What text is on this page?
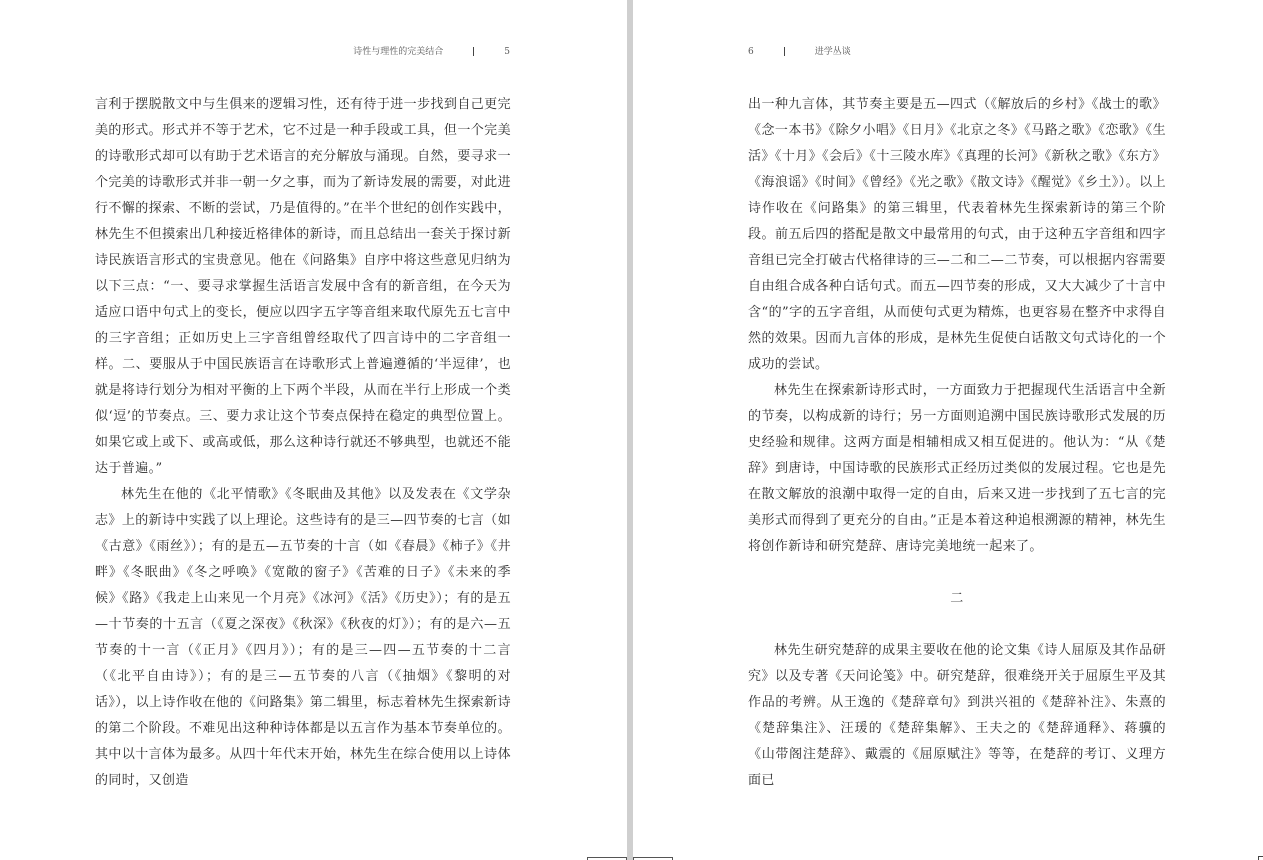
诗性与理性的完美结合	5

言利于摆脱散文中与生俱来的逻辑习性，还有待于进一步找到自己更完美的形式。形式并不等于艺术，它不过是一种手段或工具，但一个完美的诗歌形式却可以有助于艺术语言的充分解放与涌现。自然，要寻求一个完美的诗歌形式并非一朝一夕之事，而为了新诗发展的需要，对此进行不懈的探索、不断的尝试，乃是值得的。”在半个世纪的创作实践中，林先生不但摸索出几种接近格律体的新诗，而且总结出一套关于探讨新诗民族语言形式的宝贵意见。他在《问路集》自序中将这些意见归纳为以下三点：“一、要寻求掌握生活语言发展中含有的新音组，在今天为适应口语中句式上的变长，便应以四字五字等音组来取代原先五七言中的三字音组；正如历史上三字音组曾经取代了四言诗中的二字音组一样。二、要服从于中国民族语言在诗歌形式上普遍遵循的‘半逗律’，也就是将诗行划分为相对平衡的上下两个半段，从而在半行上形成一个类似‘逗’的节奏点。三、要力求让这个节奏点保持在稳定的典型位置上。如果它或上或下、或高或低，那么这种诗行就还不够典型，也就还不能达于普遍。”

林先生在他的《北平情歌》《冬眠曲及其他》以及发表在《文学杂志》上的新诗中实践了以上理论。这些诗有的是三—四节奏的七言（如《古意》《雨丝》）；有的是五—五节奏的十言（如《春晨》《柿子》《井畔》《冬眠曲》《冬之呼唤》《宽敞的窗子》《苦难的日子》《未来的季候》《路》《我走上山来见一个月亮》《冰河》《活》《历史》）；有的是五—十节奏的十五言（《夏之深夜》《秋深》《秋夜的灯》）；有的是六—五节奏的十一言（《正月》《四月》）；有的是三—四—五节奏的十二言（《北平自由诗》）；有的是三—五节奏的八言（《抽烟》《黎明的对话》），以上诗作收在他的《问路集》第二辑里，标志着林先生探索新诗的第二个阶段。不难见出这种种诗体都是以五言作为基本节奏单位的。其中以十言体为最多。从四十年代末开始，林先生在综合使用以上诗体的同时，又创造

6	进学丛谈

出一种九言体，其节奏主要是五—四式（《解放后的乡村》《战士的歌》《念一本书》《除夕小唱》《日月》《北京之冬》《马路之歌》《恋歌》《生活》《十月》《会后》《十三陵水库》《真理的长河》《新秋之歌》《东方》《海浪谣》《时间》《曾经》《光之歌》《散文诗》《醒觉》《乡土》）。以上诗作收在《问路集》的第三辑里，代表着林先生探索新诗的第三个阶段。前五后四的搭配是散文中最常用的句式，由于这种五字音组和四字音组已完全打破古代格律诗的三—二和二—二节奏，可以根据内容需要自由组合成各种白话句式。而五—四节奏的形成，又大大减少了十言中含“的”字的五字音组，从而使句式更为精炼，也更容易在整齐中求得自然的效果。因而九言体的形成，是林先生促使白话散文句式诗化的一个成功的尝试。

林先生在探索新诗形式时，一方面致力于把握现代生活语言中全新的节奏，以构成新的诗行；另一方面则追溯中国民族诗歌形式发展的历史经验和规律。这两方面是相辅相成又相互促进的。他认为：“从《楚辞》到唐诗，中国诗歌的民族形式正经历过类似的发展过程。它也是先在散文解放的浪潮中取得一定的自由，后来又进一步找到了五七言的完美形式而得到了更充分的自由。”正是本着这种追根溯源的精神，林先生将创作新诗和研究楚辞、唐诗完美地统一起来了。

二

林先生研究楚辞的成果主要收在他的论文集《诗人屈原及其作品研究》以及专著《天问论笺》中。研究楚辞，很难绕开关于屈原生平及其作品的考辨。从王逸的《楚辞章句》到洪兴祖的《楚辞补注》、朱熹的《楚辞集注》、汪瑗的《楚辞集解》、王夫之的《楚辞通释》、蒋骥的《山带阁注楚辞》、戴震的《屈原赋注》等等，在楚辞的考订、义理方面已
